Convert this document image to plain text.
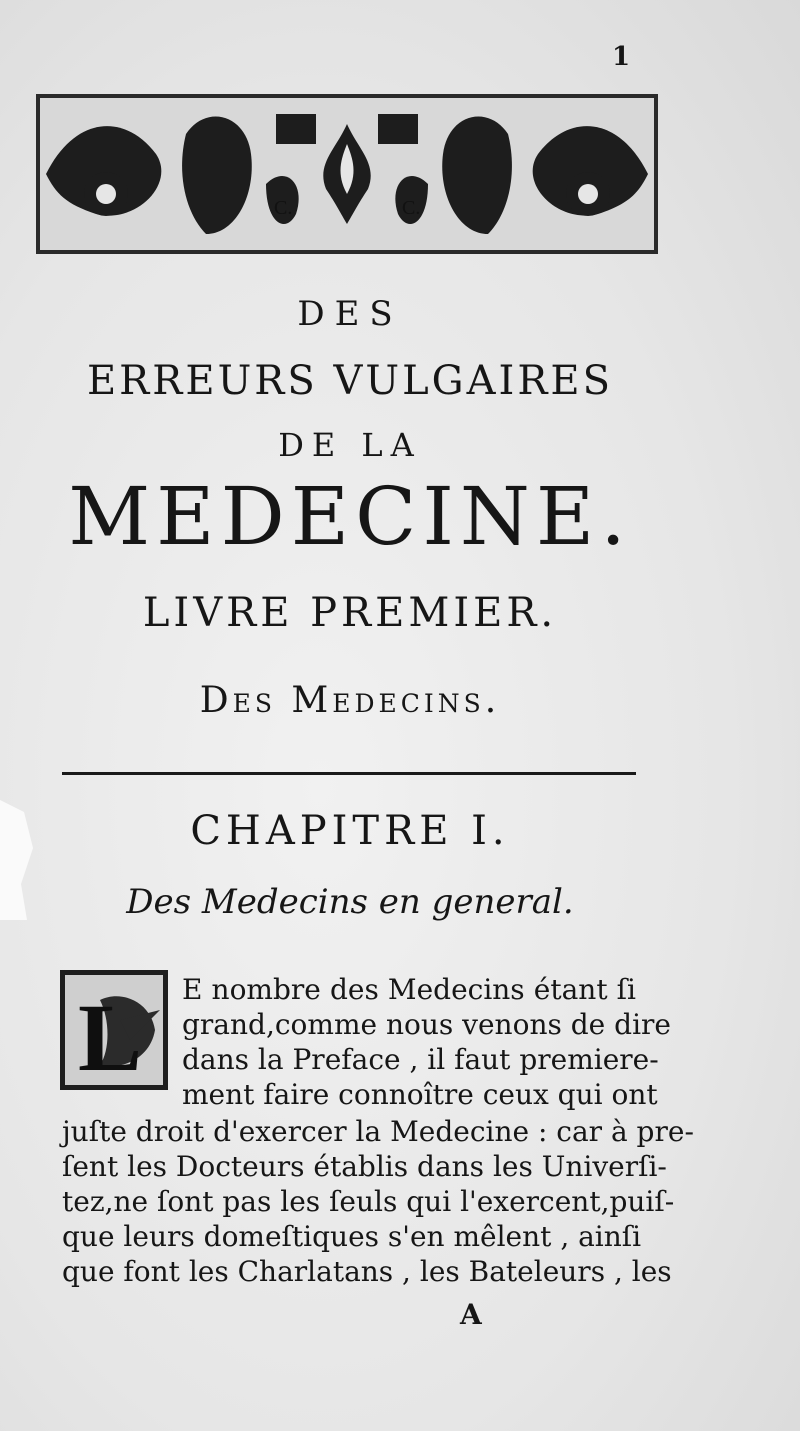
1
C.	C.
DES
ERREURS VULGAIRES
DE LA
MEDECINE.
LIVRE PREMIER.
Des Medecins.
CHAPITRE I.
Des Medecins en general.
L E nombre des Medecins étant ſi
grand,comme nous venons de dire
dans la Preface , il faut premiere-
ment faire connoître ceux qui ont
juſte droit d'exercer la Medecine : car à pre-
ſent les Docteurs établis dans les Univerſi-
tez,ne ſont pas les ſeuls qui l'exercent,puiſ-
que leurs domeſtiques s'en mêlent , ainſi
que font les Charlatans , les Bateleurs , les
A
